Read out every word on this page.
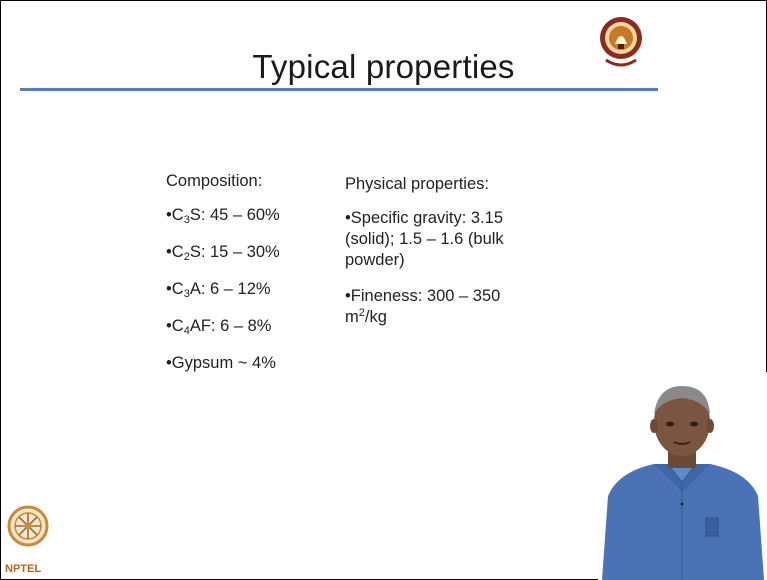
Typical properties
Composition:
$•C_3S$: 45 – 60%
$•C_2S$: 15 – 30%
$•C_3A$: 6 – 12%
$•C_4AF$: 6 – 8%
•Gypsum ~ 4%
Physical properties:
•Specific gravity: 3.15 (solid); 1.5 – 1.6 (bulk powder)
•Fineness: 300 – 350 $m^2/kg$
NPTEL
